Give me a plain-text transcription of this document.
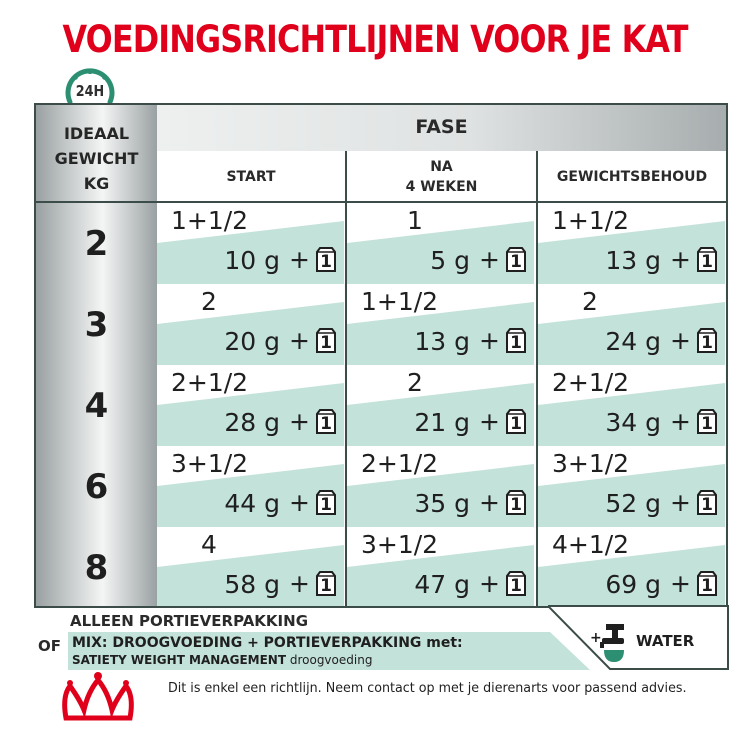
VOEDINGSRICHTLIJNEN VOOR JE KAT
24H
FASE
IDEAAL
GEWICHT
KG	START
NA
4 WEKEN
GEWICHTSBEHOUD
2
1+1/2
10 g + 1
1
5 g + 1
1+1/2
13 g + 1
3
2
20 g + 1
1+1/2
13 g + 1
2
24 g + 1
4
2+1/2
28 g + 1
2
21 g + 1
2+1/2
34 g + 1
6
3+1/2
44 g + 1
2+1/2
35 g + 1
3+1/2
52 g + 1
8
4
58 g + 1
3+1/2
47 g + 1
4+1/2
69 g + 1
ALLEEN PORTIEVERPAKKING
OF MIX: DROOGVOEDING + PORTIEVERPAKKING met:
SATIETY WEIGHT MANAGEMENT droogvoeding
+ WATER
Dit is enkel een richtlijn. Neem contact op met je dierenarts voor passend advies.
